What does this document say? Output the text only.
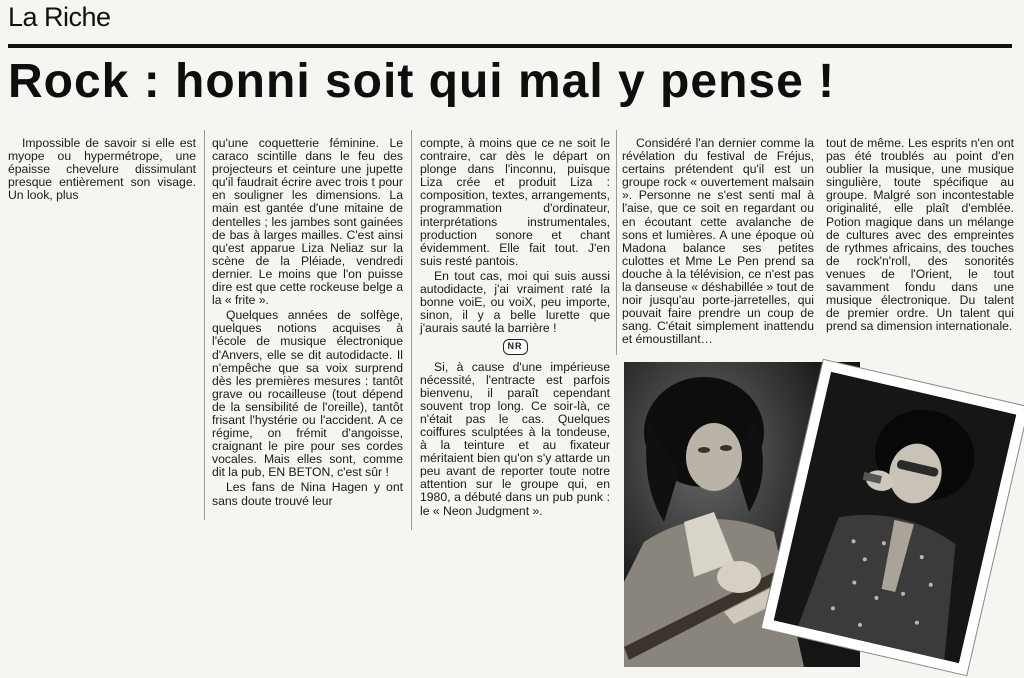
La Riche
Rock : honni soit qui mal y pense !

Impossible de savoir si elle est myope ou hypermétrope, une épaisse chevelure dissimulant presque entièrement son visage. Un look, plus

qu'une coquetterie féminine. Le caraco scintille dans le feu des projecteurs et ceinture une jupette qu'il faudrait écrire avec trois t pour en souligner les dimensions. La main est gantée d'une mitaine de dentelles ; les jambes sont gainées de bas à larges mailles. C'est ainsi qu'est apparue Liza Neliaz sur la scène de la Pléiade, vendredi dernier. Le moins que l'on puisse dire est que cette rockeuse belge a la « frite ».

Quelques années de solfège, quelques notions acquises à l'école de musique électronique d'Anvers, elle se dit autodidacte. Il n'empêche que sa voix surprend dès les premières mesures : tantôt grave ou rocailleuse (tout dépend de la sensibilité de l'oreille), tantôt frisant l'hystérie ou l'accident. A ce régime, on frémit d'angoisse, craignant le pire pour ses cordes vocales. Mais elles sont, comme dit la pub, EN BETON, c'est sûr !

Les fans de Nina Hagen y ont sans doute trouvé leur

compte, à moins que ce ne soit le contraire, car dès le départ on plonge dans l'inconnu, puisque Liza crée et produit Liza : composition, textes, arrangements, programmation d'ordinateur, interprétations instrumentales, production sonore et chant évidemment. Elle fait tout. J'en suis resté pantois.

En tout cas, moi qui suis aussi autodidacte, j'ai vraiment raté la bonne voiE, ou voiX, peu importe, sinon, il y a belle lurette que j'aurais sauté la barrière !

NR

Si, à cause d'une impérieuse nécessité, l'entracte est parfois bienvenu, il paraît cependant souvent trop long. Ce soir-là, ce n'était pas le cas. Quelques coiffures sculptées à la tondeuse, à la teinture et au fixateur méritaient bien qu'on s'y attarde un peu avant de reporter toute notre attention sur le groupe qui, en 1980, a débuté dans un pub punk : le « Neon Judgment ».

Considéré l'an dernier comme la révélation du festival de Fréjus, certains prétendent qu'il est un groupe rock « ouvertement malsain ». Personne ne s'est senti mal à l'aise, que ce soit en regardant ou en écoutant cette avalanche de sons et lumières. A une époque où Madona balance ses petites culottes et Mme Le Pen prend sa douche à la télévision, ce n'est pas la danseuse « déshabillée » tout de noir jusqu'au porte-jarretelles, qui pouvait faire prendre un coup de sang. C'était simplement inattendu et émoustillant…

tout de même. Les esprits n'en ont pas été troublés au point d'en oublier la musique, une musique singulière, toute spécifique au groupe. Malgré son incontestable originalité, elle plaît d'emblée. Potion magique dans un mélange de cultures avec des empreintes de rythmes africains, des touches de rock'n'roll, des sonorités venues de l'Orient, le tout savamment fondu dans une musique électronique. Du talent de premier ordre. Un talent qui prend sa dimension internationale.
